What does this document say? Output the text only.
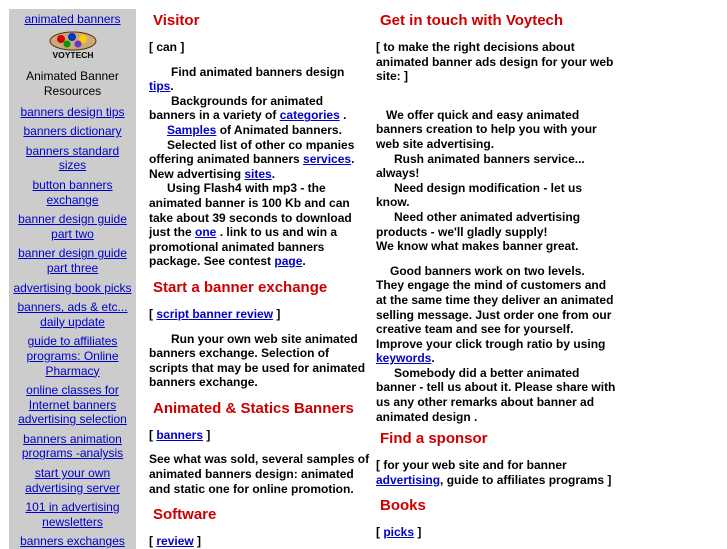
animated banners
VOYTECH
Animated Banner Resources
banners design tips
banners dictionary
banners standard sizes
button banners exchange
banner design guide part two
banner design guide part three
advertising book picks
banners, ads & etc... daily update
guide to affiliates programs: Online Pharmacy
online classes for Internet banners advertising selection
banners animation programs -analysis
start your own advertising server
101 in advertising newsletters
banners exchanges
Visitor

[ can ]

Find animated banners design tips.

Backgrounds for animated banners in a variety of categories .

Samples of Animated banners.

Selected list of other co mpanies offering animated banners services.

New advertising sites.

Using Flash4 with mp3 - the animated banner is 100 Kb and can take about 39 seconds to download just the one . link to us and win a promotional animated banners package. See contest page.

Start a banner exchange

[ script banner review ]

Run your own web site animated banners exchange. Selection of scripts that may be used for animated banners exchange.

Animated & Statics Banners

[ banners ]

See what was sold, several samples of animated banners design: animated and static one for online promotion.

Software

[ review ]

Get in touch with Voytech

[ to make the right decisions about animated banner ads design for your web site: ]

We offer quick and easy animated banners creation to help you with your web site advertising.

Rush animated banners service... always!

Need design modification - let us know.

Need other animated advertising products - we'll gladly supply!

We know what makes banner great.

Good banners work on two levels. They engage the mind of customers and at the same time they deliver an animated selling message. Just order one from our creative team and see for yourself. Improve your click trough ratio by using keywords.

Somebody did a better animated banner - tell us about it. Please share with us any other remarks about banner ad animated design .

Find a sponsor

[ for your web site and for banner advertising, guide to affiliates programs ]

Books

[ picks ]
